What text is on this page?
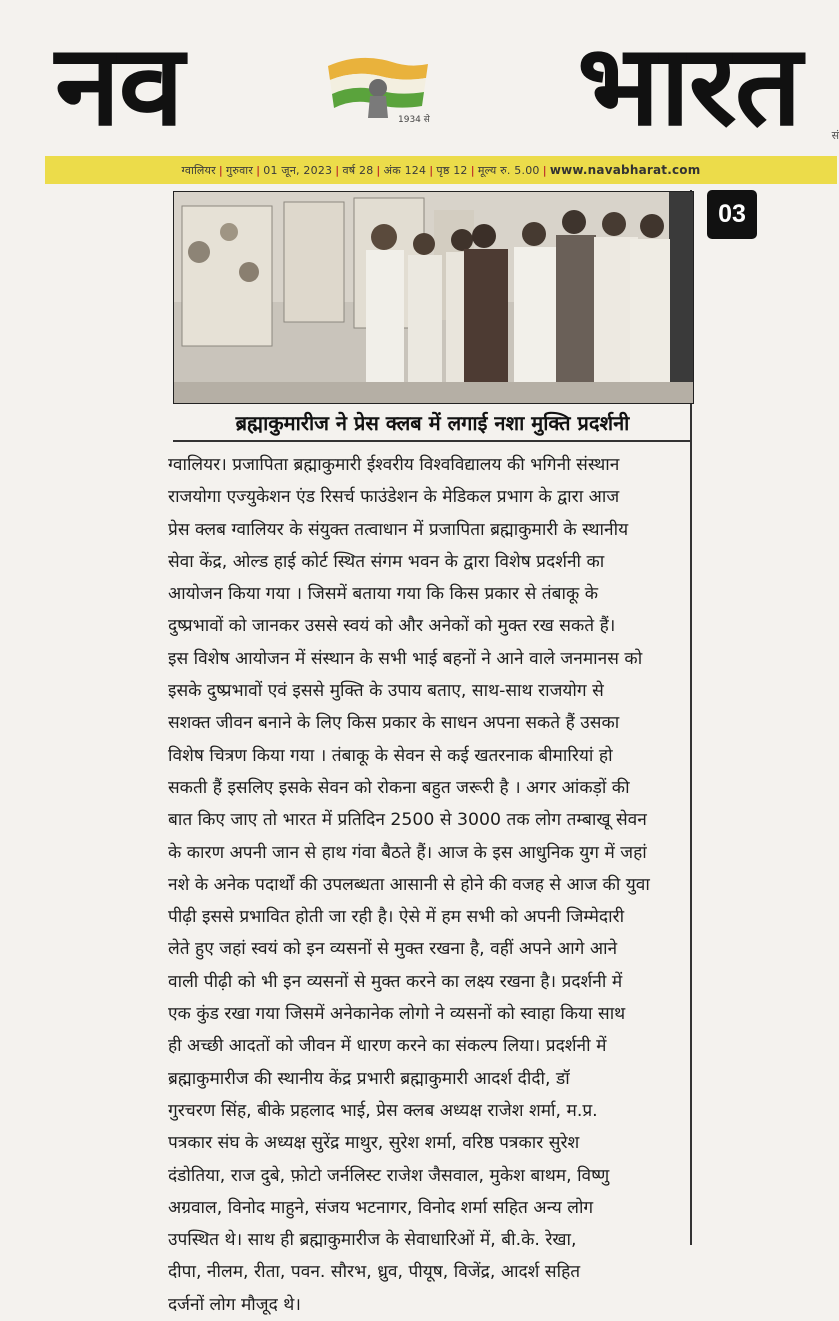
नव	भारत
1934 से
सं
ग्वालियर | गुरुवार | 01 जून, 2023 | वर्ष 28 | अंक 124 | पृष्ठ 12 | मूल्य रु. 5.00 | www.navabharat.com
03
ब्रह्माकुमारीज ने प्रेस क्लब में लगाई नशा मुक्ति प्रदर्शनी
ग्वालियर। प्रजापिता ब्रह्माकुमारी ईश्वरीय विश्वविद्यालय की भगिनी संस्थान
राजयोगा एज्युकेशन एंड रिसर्च फाउंडेशन के मेडिकल प्रभाग के द्वारा आज
प्रेस क्लब ग्वालियर के संयुक्त तत्वाधान में प्रजापिता ब्रह्माकुमारी के स्थानीय
सेवा केंद्र, ओल्ड हाई कोर्ट स्थित संगम भवन के द्वारा विशेष प्रदर्शनी का
आयोजन किया गया । जिसमें बताया गया कि किस प्रकार से तंबाकू के
दुष्प्रभावों को जानकर उससे स्वयं को और अनेकों को मुक्त रख सकते हैं।
इस विशेष आयोजन में संस्थान के सभी भाई बहनों ने आने वाले जनमानस को
इसके दुष्प्रभावों एवं इससे मुक्ति के उपाय बताए, साथ-साथ राजयोग से
सशक्त जीवन बनाने के लिए किस प्रकार के साधन अपना सकते हैं उसका
विशेष चित्रण किया गया । तंबाकू के सेवन से कई खतरनाक बीमारियां हो
सकती हैं इसलिए इसके सेवन को रोकना बहुत जरूरी है । अगर आंकड़ों की
बात किए जाए तो भारत में प्रतिदिन 2500 से 3000 तक लोग तम्बाखू सेवन
के कारण अपनी जान से हाथ गंवा बैठते हैं। आज के इस आधुनिक युग में जहां
नशे के अनेक पदार्थों की उपलब्धता आसानी से होने की वजह से आज की युवा
पीढ़ी इससे प्रभावित होती जा रही है। ऐसे में हम सभी को अपनी जिम्मेदारी
लेते हुए जहां स्वयं को इन व्यसनों से मुक्त रखना है, वहीं अपने आगे आने
वाली पीढ़ी को भी इन व्यसनों से मुक्त करने का लक्ष्य रखना है। प्रदर्शनी में
एक कुंड रखा गया जिसमें अनेकानेक लोगो ने व्यसनों को स्वाहा किया साथ
ही अच्छी आदतों को जीवन में धारण करने का संकल्प लिया। प्रदर्शनी में
ब्रह्माकुमारीज की स्थानीय केंद्र प्रभारी ब्रह्माकुमारी आदर्श दीदी, डॉ
गुरचरण सिंह, बीके प्रहलाद भाई, प्रेस क्लब अध्यक्ष राजेश शर्मा, म.प्र.
पत्रकार संघ के अध्यक्ष सुरेंद्र माथुर, सुरेश शर्मा, वरिष्ठ पत्रकार सुरेश
दंडोतिया, राज दुबे, फ़ोटो जर्नलिस्ट राजेश जैसवाल, मुकेश बाथम, विष्णु
अग्रवाल, विनोद माहुने, संजय भटनागर, विनोद शर्मा सहित अन्य लोग
उपस्थित थे। साथ ही ब्रह्माकुमारीज के सेवाधारिओं में, बी.के. रेखा,
दीपा, नीलम, रीता, पवन. सौरभ, ध्रुव, पीयूष, विजेंद्र, आदर्श सहित
दर्जनों लोग मौजूद थे।
